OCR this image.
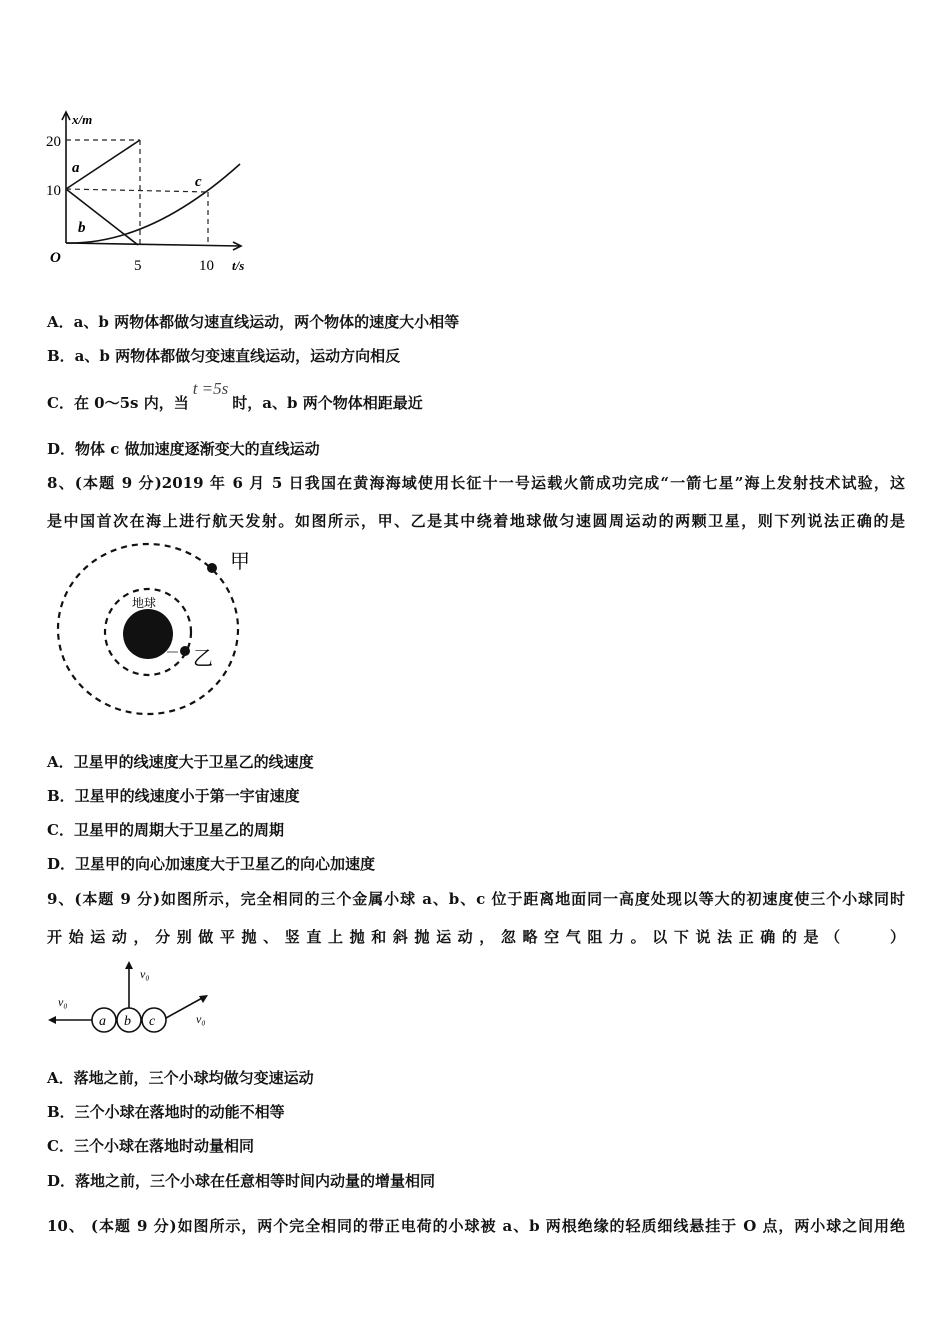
x/m
t/s
O
20
10
5	10
a
b
c
A．a、b 两物体都做匀速直线运动，两个物体的速度大小相等
B．a、b 两物体都做匀变速直线运动，运动方向相反
C．在 0～5s 内，当t =5s时，a、b 两个物体相距最近
D．物体 c 做加速度逐渐变大的直线运动
8、(本题 9 分)2019 年 6 月 5 日我国在黄海海域使用长征十一号运载火箭成功完成“一箭七星”海上发射技术试验，这
是中国首次在海上进行航天发射。如图所示，甲、乙是其中绕着地球做匀速圆周运动的两颗卫星，则下列说法正确的是
地球
甲
乙
A．卫星甲的线速度大于卫星乙的线速度
B．卫星甲的线速度小于第一宇宙速度
C．卫星甲的周期大于卫星乙的周期
D．卫星甲的向心加速度大于卫星乙的向心加速度
9、(本题 9 分)如图所示，完全相同的三个金属小球 a、b、c 位于距离地面同一高度处现以等大的初速度使三个小球同时
开始运动，分别做平抛、竖直上抛和斜抛运动，忽略空气阻力。以下说法正确的是（　　）
v₀
v₀
v₀
a b c
A．落地之前，三个小球均做匀变速运动
B．三个小球在落地时的动能不相等
C．三个小球在落地时动量相同
D．落地之前，三个小球在任意相等时间内动量的增量相同
10、 (本题 9 分)如图所示，两个完全相同的带正电荷的小球被 a、b 两根绝缘的轻质细线悬挂于 O 点，两小球之间用绝
